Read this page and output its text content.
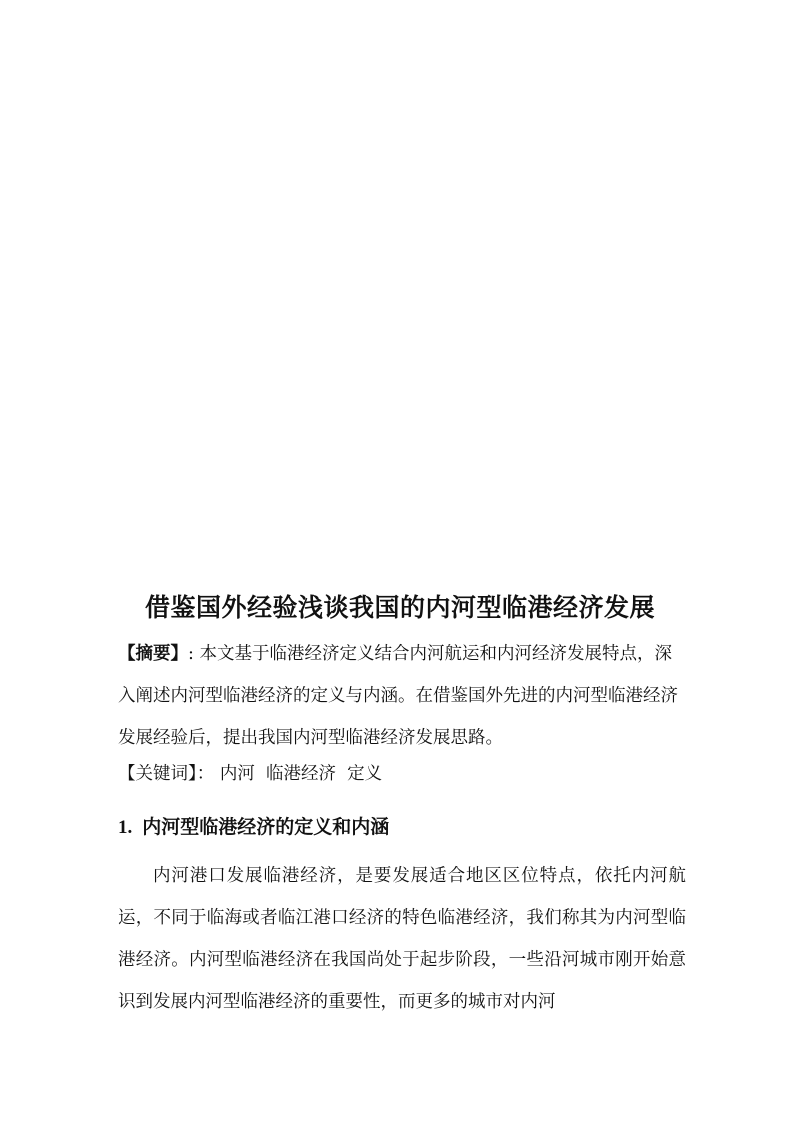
借鉴国外经验浅谈我国的内河型临港经济发展
【摘要】: 本文基于临港经济定义结合内河航运和内河经济发展特点，深入阐述内河型临港经济的定义与内涵。在借鉴国外先进的内河型临港经济发展经验后，提出我国内河型临港经济发展思路。
【关键词】： 内河  临港经济  定义
1. 内河型临港经济的定义和内涵
内河港口发展临港经济，是要发展适合地区区位特点，依托内河航运，不同于临海或者临江港口经济的特色临港经济，我们称其为内河型临港经济。内河型临港经济在我国尚处于起步阶段，一些沿河城市刚开始意识到发展内河型临港经济的重要性，而更多的城市对内河
